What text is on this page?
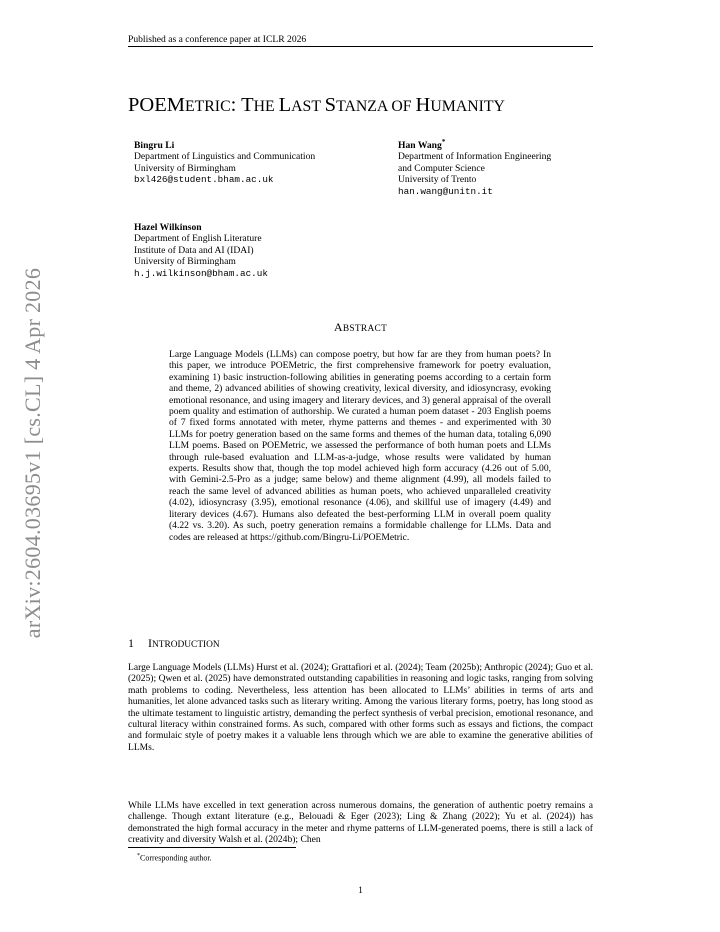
Published as a conference paper at ICLR 2026
arXiv:2604.03695v1 [cs.CL] 4 Apr 2026
POEMETRIC: THE LAST STANZA OF HUMANITY
Bingru Li
Department of Linguistics and Communication
University of Birmingham
bxl426@student.bham.ac.uk
Han Wang*
Department of Information Engineering
and Computer Science
University of Trento
han.wang@unitn.it
Hazel Wilkinson
Department of English Literature
Institute of Data and AI (IDAI)
University of Birmingham
h.j.wilkinson@bham.ac.uk
ABSTRACT

Large Language Models (LLMs) can compose poetry, but how far are they from human poets? In this paper, we introduce POEMetric, the first comprehensive framework for poetry evaluation, examining 1) basic instruction-following abilities in generating poems according to a certain form and theme, 2) advanced abilities of showing creativity, lexical diversity, and idiosyncrasy, evoking emotional resonance, and using imagery and literary devices, and 3) general appraisal of the overall poem quality and estimation of authorship. We curated a human poem dataset - 203 English poems of 7 fixed forms annotated with meter, rhyme patterns and themes - and experimented with 30 LLMs for poetry generation based on the same forms and themes of the human data, totaling 6,090 LLM poems. Based on POEMetric, we assessed the performance of both human poets and LLMs through rule-based evaluation and LLM-as-a-judge, whose results were validated by human experts. Results show that, though the top model achieved high form accuracy (4.26 out of 5.00, with Gemini-2.5-Pro as a judge; same below) and theme alignment (4.99), all models failed to reach the same level of advanced abilities as human poets, who achieved unparalleled creativity (4.02), idiosyncrasy (3.95), emotional resonance (4.06), and skillful use of imagery (4.49) and literary devices (4.67). Humans also defeated the best-performing LLM in overall poem quality (4.22 vs. 3.20). As such, poetry generation remains a formidable challenge for LLMs. Data and codes are released at https://github.com/Bingru-Li/POEMetric.

1 INTRODUCTION

Large Language Models (LLMs) Hurst et al. (2024); Grattafiori et al. (2024); Team (2025b); Anthropic (2024); Guo et al. (2025); Qwen et al. (2025) have demonstrated outstanding capabilities in reasoning and logic tasks, ranging from solving math problems to coding. Nevertheless, less attention has been allocated to LLMs’ abilities in terms of arts and humanities, let alone advanced tasks such as literary writing. Among the various literary forms, poetry, has long stood as the ultimate testament to linguistic artistry, demanding the perfect synthesis of verbal precision, emotional resonance, and cultural literacy within constrained forms. As such, compared with other forms such as essays and fictions, the compact and formulaic style of poetry makes it a valuable lens through which we are able to examine the generative abilities of LLMs.

While LLMs have excelled in text generation across numerous domains, the generation of authentic poetry remains a challenge. Though extant literature (e.g., Belouadi & Eger (2023); Ling & Zhang (2022); Yu et al. (2024)) has demonstrated the high formal accuracy in the meter and rhyme patterns of LLM-generated poems, there is still a lack of creativity and diversity Walsh et al. (2024b); Chen

*Corresponding author.
1
